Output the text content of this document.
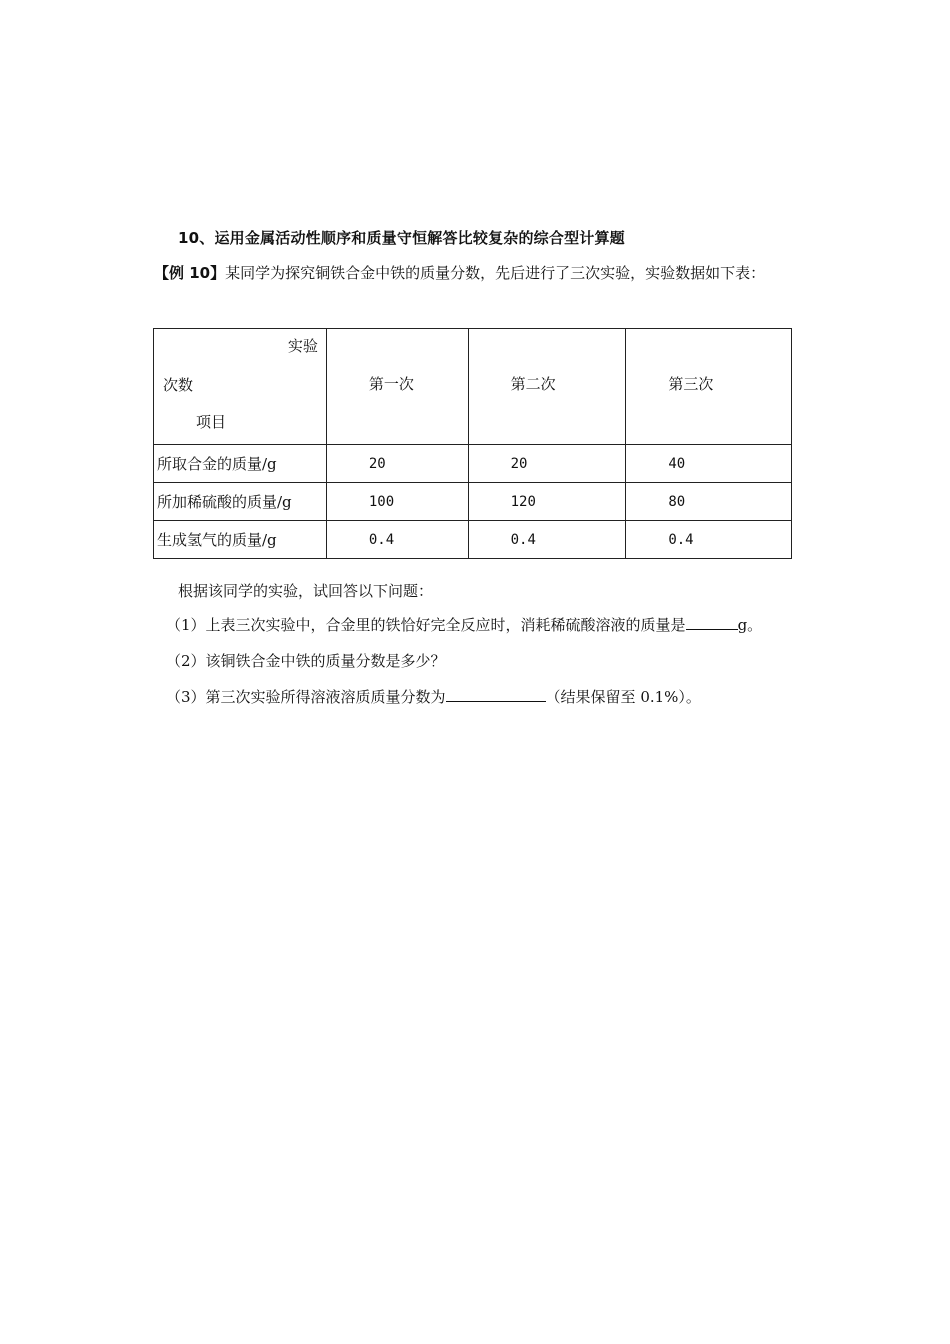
10、运用金属活动性顺序和质量守恒解答比较复杂的综合型计算题
【例 10】某同学为探究铜铁合金中铁的质量分数，先后进行了三次实验，实验数据如下表：
实验
次数
项目	第一次	第二次	第三次

所取合金的质量/g	20	20	40
所加稀硫酸的质量/g	100	120	80
生成氢气的质量/g	0.4	0.4	0.4
根据该同学的实验，试回答以下问题：
（1）上表三次实验中，合金里的铁恰好完全反应时，消耗稀硫酸溶液的质量是	g。
（2）该铜铁合金中铁的质量分数是多少？
（3）第三次实验所得溶液溶质质量分数为	（结果保留至 0.1%）。
